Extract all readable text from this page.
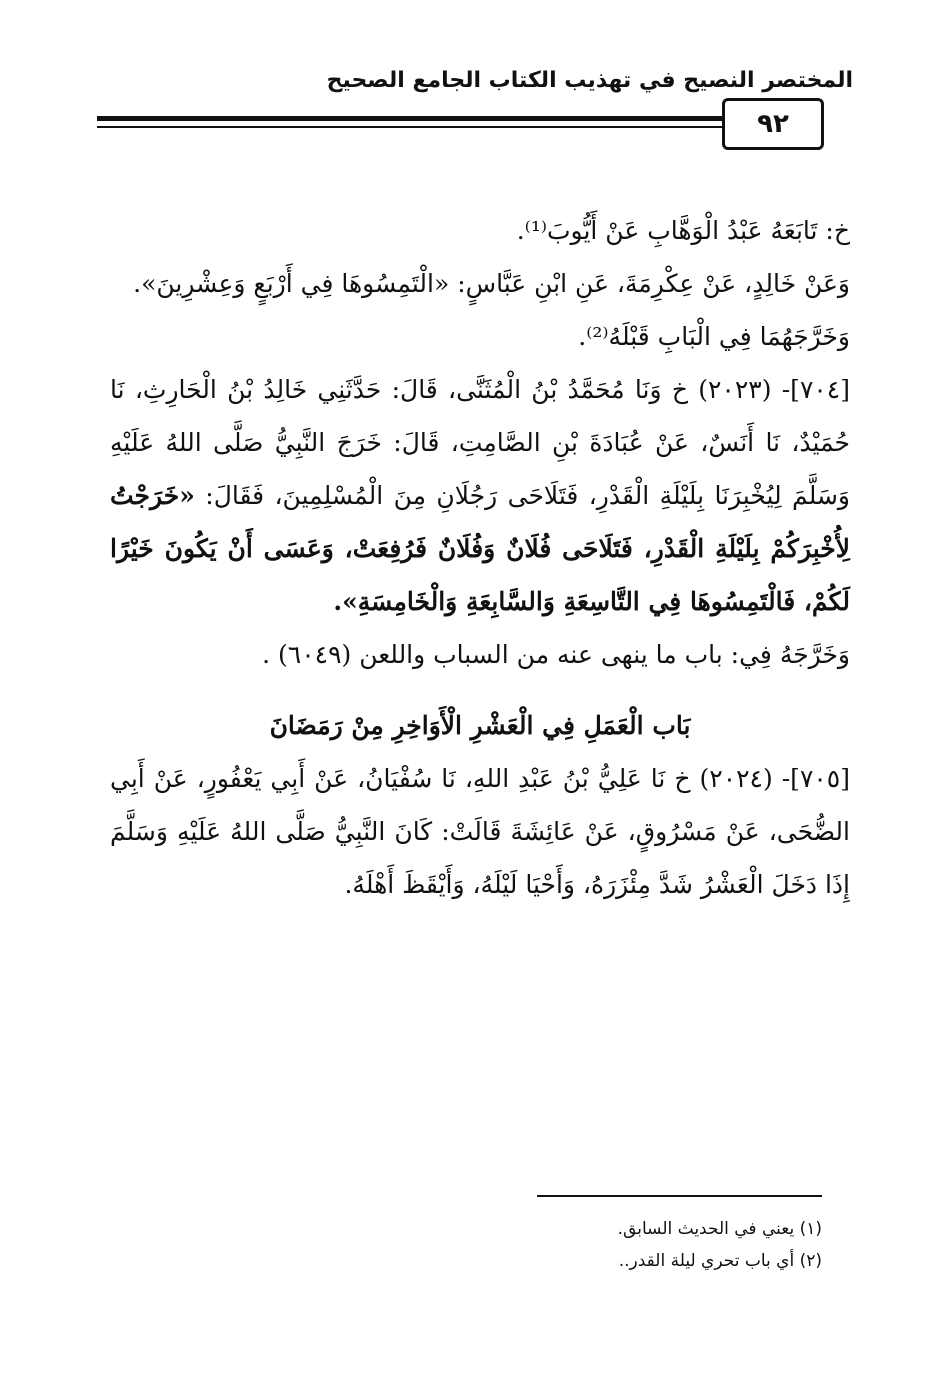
المختصر النصيح في تهذيب الكتاب الجامع الصحيح
٩٢

خ: تَابَعَهُ عَبْدُ الْوَهَّابِ عَنْ أَيُّوبَ⁽¹⁾.

وَعَنْ خَالِدٍ، عَنْ عِكْرِمَةَ، عَنِ ابْنِ عَبَّاسٍ: «الْتَمِسُوهَا فِي أَرْبَعٍ وَعِشْرِينَ».

وَخَرَّجَهُمَا فِي الْبَابِ قَبْلَهُ⁽²⁾.

[٧٠٤]- (٢٠٢٣) خ وَنَا مُحَمَّدُ بْنُ الْمُثَنَّى، قَالَ: حَدَّثَنِي خَالِدُ بْنُ الْحَارِثِ، نَا حُمَيْدٌ، نَا أَنَسٌ، عَنْ عُبَادَةَ بْنِ الصَّامِتِ، قَالَ: خَرَجَ النَّبِيُّ صَلَّى اللهُ عَلَيْهِ وَسَلَّمَ لِيُخْبِرَنَا بِلَيْلَةِ الْقَدْرِ، فَتَلَاحَى رَجُلَانِ مِنَ الْمُسْلِمِينَ، فَقَالَ: «خَرَجْتُ لِأُخْبِرَكُمْ بِلَيْلَةِ الْقَدْرِ، فَتَلَاحَى فُلَانٌ وَفُلَانٌ فَرُفِعَتْ، وَعَسَى أَنْ يَكُونَ خَيْرًا لَكُمْ، فَالْتَمِسُوهَا فِي التَّاسِعَةِ وَالسَّابِعَةِ وَالْخَامِسَةِ».

وَخَرَّجَهُ فِي: باب ما ينهى عنه من السباب واللعن (٦٠٤٩) .

بَاب الْعَمَلِ فِي الْعَشْرِ الْأَوَاخِرِ مِنْ رَمَضَانَ

[٧٠٥]- (٢٠٢٤) خ نَا عَلِيُّ بْنُ عَبْدِ اللهِ، نَا سُفْيَانُ، عَنْ أَبِي يَعْفُورٍ، عَنْ أَبِي الضُّحَى، عَنْ مَسْرُوقٍ، عَنْ عَائِشَةَ قَالَتْ: كَانَ النَّبِيُّ صَلَّى اللهُ عَلَيْهِ وَسَلَّمَ إِذَا دَخَلَ الْعَشْرُ شَدَّ مِئْزَرَهُ، وَأَحْيَا لَيْلَهُ، وَأَيْقَظَ أَهْلَهُ.

(١) يعني في الحديث السابق.

(٢) أي باب تحري ليلة القدر..
